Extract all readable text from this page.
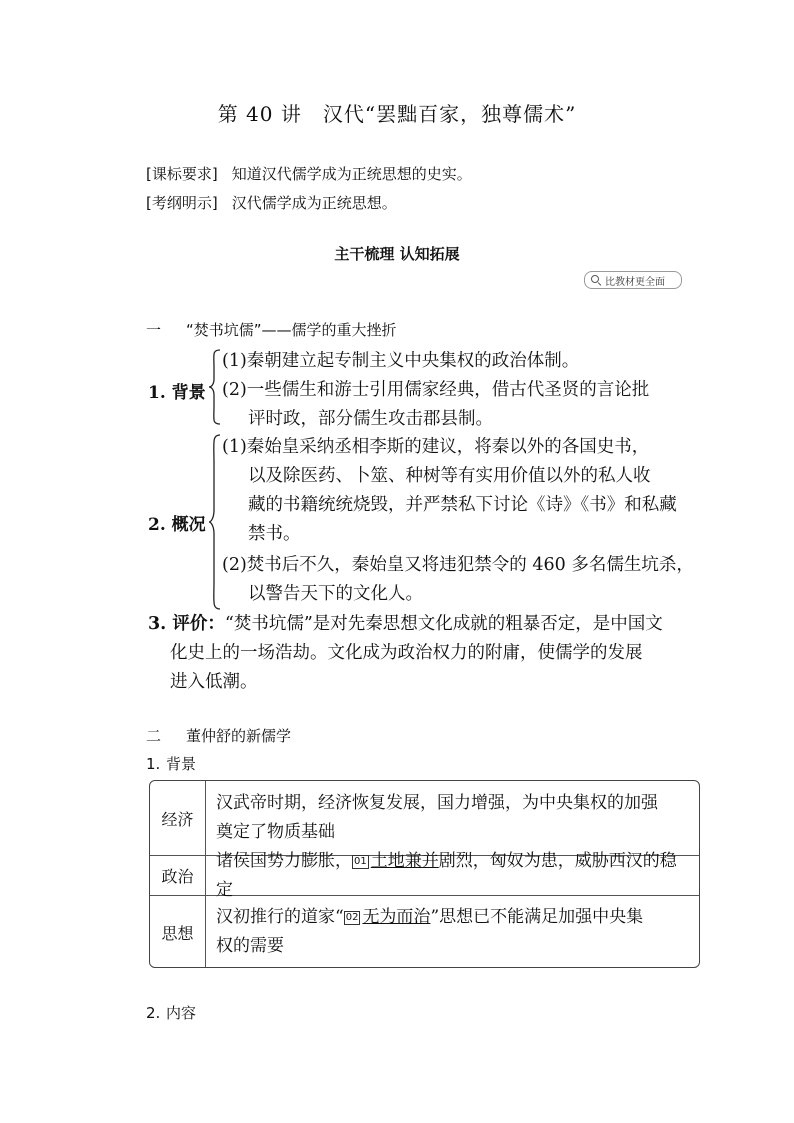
第 40 讲　汉代“罢黜百家，独尊儒术”
[课标要求] 知道汉代儒学成为正统思想的史实。
[考纲明示] 汉代儒学成为正统思想。
主干梳理 认知拓展
比教材更全面
一 “焚书坑儒”——儒学的重大挫折
1. 背景
(1)秦朝建立起专制主义中央集权的政治体制。
(2)一些儒生和游士引用儒家经典，借古代圣贤的言论批
评时政，部分儒生攻击郡县制。
2. 概况
(1)秦始皇采纳丞相李斯的建议，将秦以外的各国史书，
以及除医药、卜筮、种树等有实用价值以外的私人收
藏的书籍统统烧毁，并严禁私下讨论《诗》《书》和私藏
禁书。
(2)焚书后不久，秦始皇又将违犯禁令的 460 多名儒生坑杀，
以警告天下的文化人。
3. 评价：“焚书坑儒”是对先秦思想文化成就的粗暴否定，是中国文
化史上的一场浩劫。文化成为政治权力的附庸，使儒学的发展
进入低潮。
二 董仲舒的新儒学
1. 背景
经济
汉武帝时期，经济恢复发展，国力增强，为中央集权的加强
奠定了物质基础
政治
诸侯国势力膨胀， 01 土地兼并剧烈，匈奴为患，威胁西汉的稳定
思想
汉初推行的道家“ 02 无为而治”思想已不能满足加强中央集
权的需要
2. 内容
